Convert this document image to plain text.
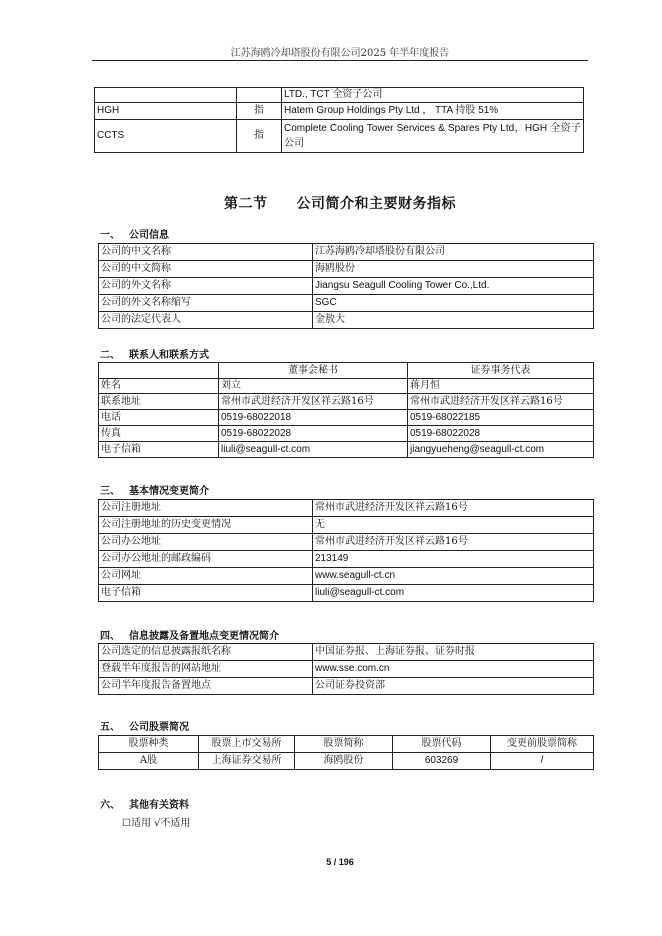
江苏海鸥冷却塔股份有限公司2025 年半年度报告
		LTD., TCT 全资子公司
HGH	指	Hatem Group Holdings Pty Ltd ， TTA 持股 51%
CCTS	指	Complete Cooling Tower Services & Spares Pty Ltd，HGH 全资子公司
第二节　　公司简介和主要财务指标
一、 公司信息
公司的中文名称	江苏海鸥冷却塔股份有限公司
公司的中文简称	海鸥股份
公司的外文名称	Jiangsu Seagull Cooling Tower Co.,Ltd.
公司的外文名称缩写	SGC
公司的法定代表人	金敖大
二、 联系人和联系方式
	董事会秘书	证券事务代表
姓名	刘立	蒋月恒
联系地址	常州市武进经济开发区祥云路16号	常州市武进经济开发区祥云路16号
电话	0519-68022018	0519-68022185
传真	0519-68022028	0519-68022028
电子信箱	liuli@seagull-ct.com	jiangyueheng@seagull-ct.com
三、 基本情况变更简介
公司注册地址	常州市武进经济开发区祥云路16号
公司注册地址的历史变更情况	无
公司办公地址	常州市武进经济开发区祥云路16号
公司办公地址的邮政编码	213149
公司网址	www.seagull-ct.cn
电子信箱	liuli@seagull-ct.com
四、 信息披露及备置地点变更情况简介
公司选定的信息披露报纸名称	中国证券报、上海证券报、证券时报
登载半年度报告的网站地址	www.sse.com.cn
公司半年度报告备置地点	公司证券投资部
五、 公司股票简况
股票种类	股票上市交易所	股票简称	股票代码	变更前股票简称
A股	上海证券交易所	海鸥股份	603269	/
六、 其他有关资料
☐适用 √不适用
5 / 196
